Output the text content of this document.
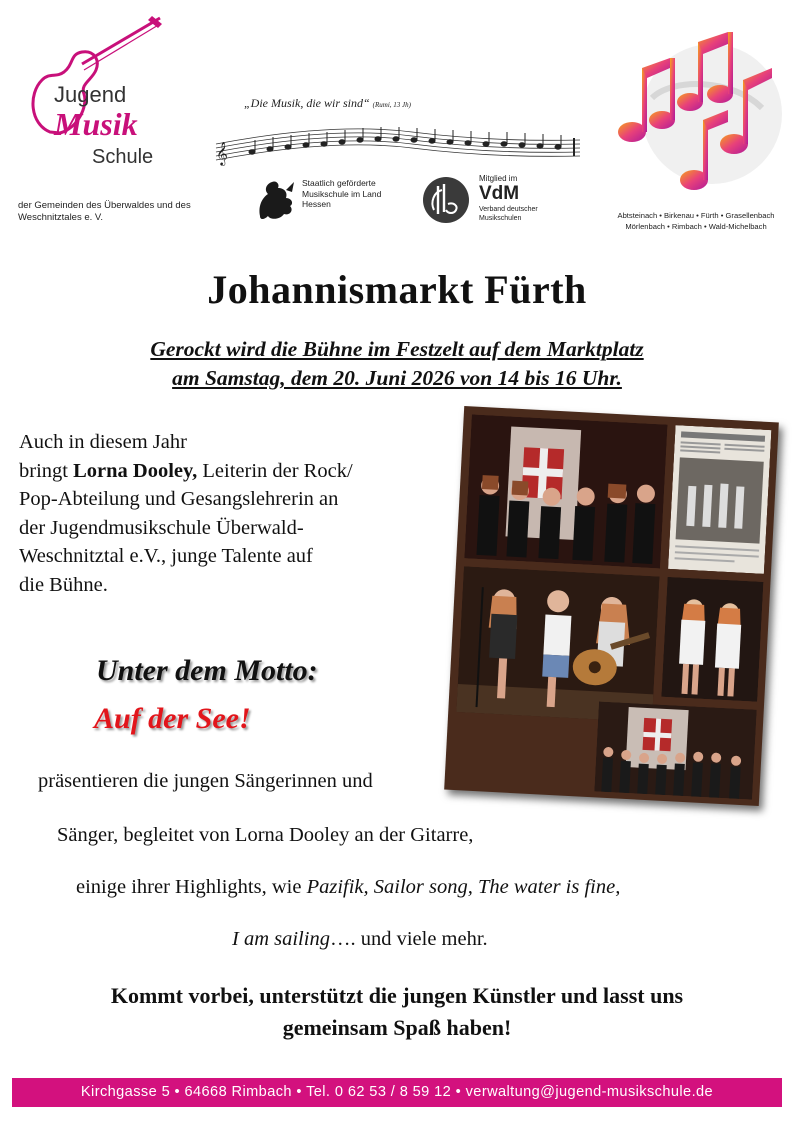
Jugend
Musik
Schule
der Gemeinden des Überwaldes und des Weschnitztales e. V.
„Die Musik, die wir sind“ (Rumi, 13 Jh)
𝄞
Staatlich geförderte Musikschule im Land Hessen
Mitglied im
VdM
Verband deutscher Musikschulen	Abtsteinach • Birkenau • Fürth • Grasellenbach
Mörlenbach • Rimbach • Wald-Michelbach
Johannismarkt Fürth
Gerockt wird die Bühne im Festzelt auf dem Marktplatz
am Samstag, dem 20. Juni 2026 von 14 bis 16 Uhr.
Auch in diesem Jahr
bringt Lorna Dooley, Leiterin der Rock/
Pop-Abteilung und Gesangslehrerin an
der Jugendmusikschule Überwald-
Weschnitztal e.V., junge Talente auf
die Bühne.
Unter dem Motto:
Auf der See!
präsentieren die jungen Sängerinnen und
Sänger, begleitet von Lorna Dooley an der Gitarre,
einige ihrer Highlights, wie Pazifik, Sailor song, The water is fine,
I am sailing…. und viele mehr.
Kommt vorbei, unterstützt die jungen Künstler und lasst uns
gemeinsam Spaß haben!
Kirchgasse 5 • 64668 Rimbach • Tel. 0 62 53 / 8 59 12 • verwaltung@jugend-musikschule.de
